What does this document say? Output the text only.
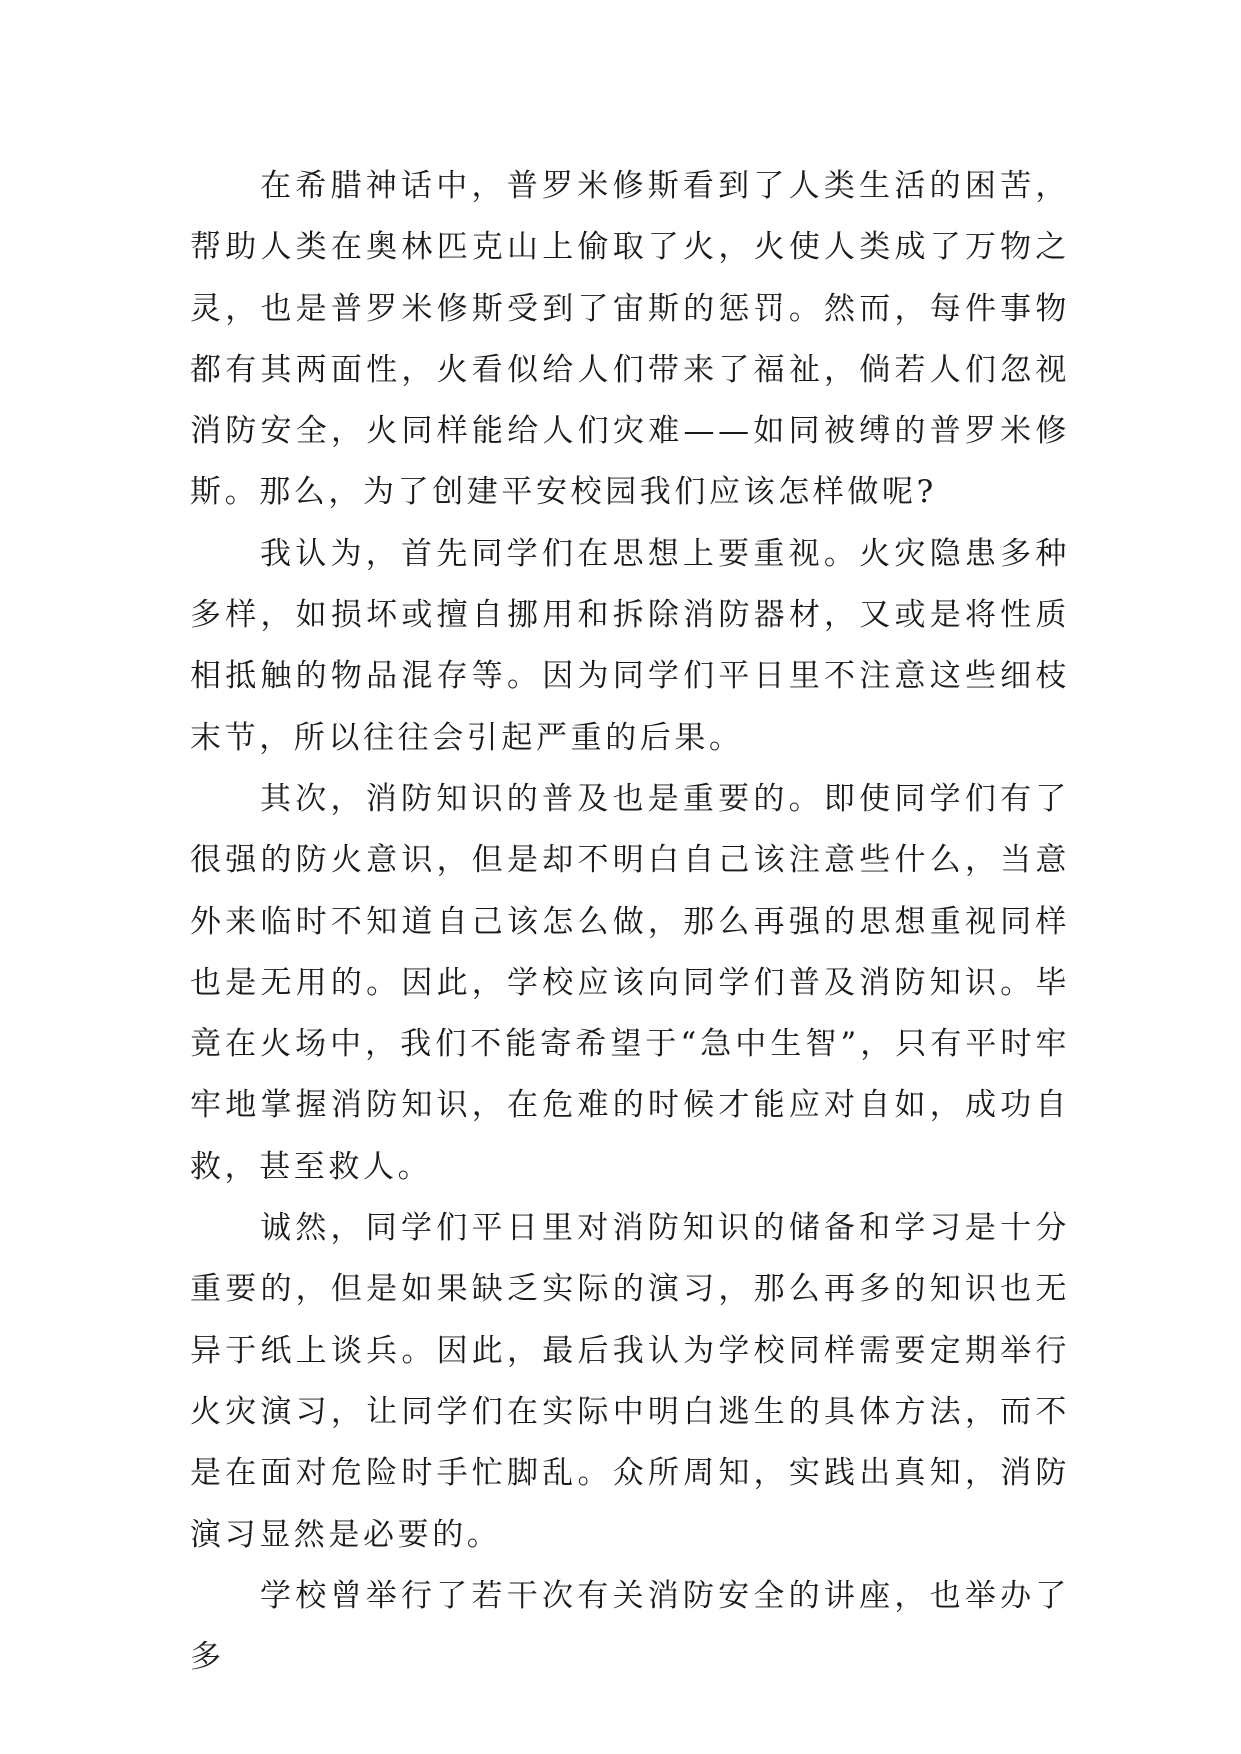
在希腊神话中，普罗米修斯看到了人类生活的困苦，帮助人类在奥林匹克山上偷取了火，火使人类成了万物之灵，也是普罗米修斯受到了宙斯的惩罚。然而，每件事物都有其两面性，火看似给人们带来了福祉，倘若人们忽视消防安全，火同样能给人们灾难——如同被缚的普罗米修斯。那么，为了创建平安校园我们应该怎样做呢?

我认为，首先同学们在思想上要重视。火灾隐患多种多样，如损坏或擅自挪用和拆除消防器材，又或是将性质相抵触的物品混存等。因为同学们平日里不注意这些细枝末节，所以往往会引起严重的后果。

其次，消防知识的普及也是重要的。即使同学们有了很强的防火意识，但是却不明白自己该注意些什么，当意外来临时不知道自己该怎么做，那么再强的思想重视同样也是无用的。因此，学校应该向同学们普及消防知识。毕竟在火场中，我们不能寄希望于“急中生智”，只有平时牢牢地掌握消防知识，在危难的时候才能应对自如，成功自救，甚至救人。

诚然，同学们平日里对消防知识的储备和学习是十分重要的，但是如果缺乏实际的演习，那么再多的知识也无异于纸上谈兵。因此，最后我认为学校同样需要定期举行火灾演习，让同学们在实际中明白逃生的具体方法，而不是在面对危险时手忙脚乱。众所周知，实践出真知，消防演习显然是必要的。

学校曾举行了若干次有关消防安全的讲座，也举办了多
